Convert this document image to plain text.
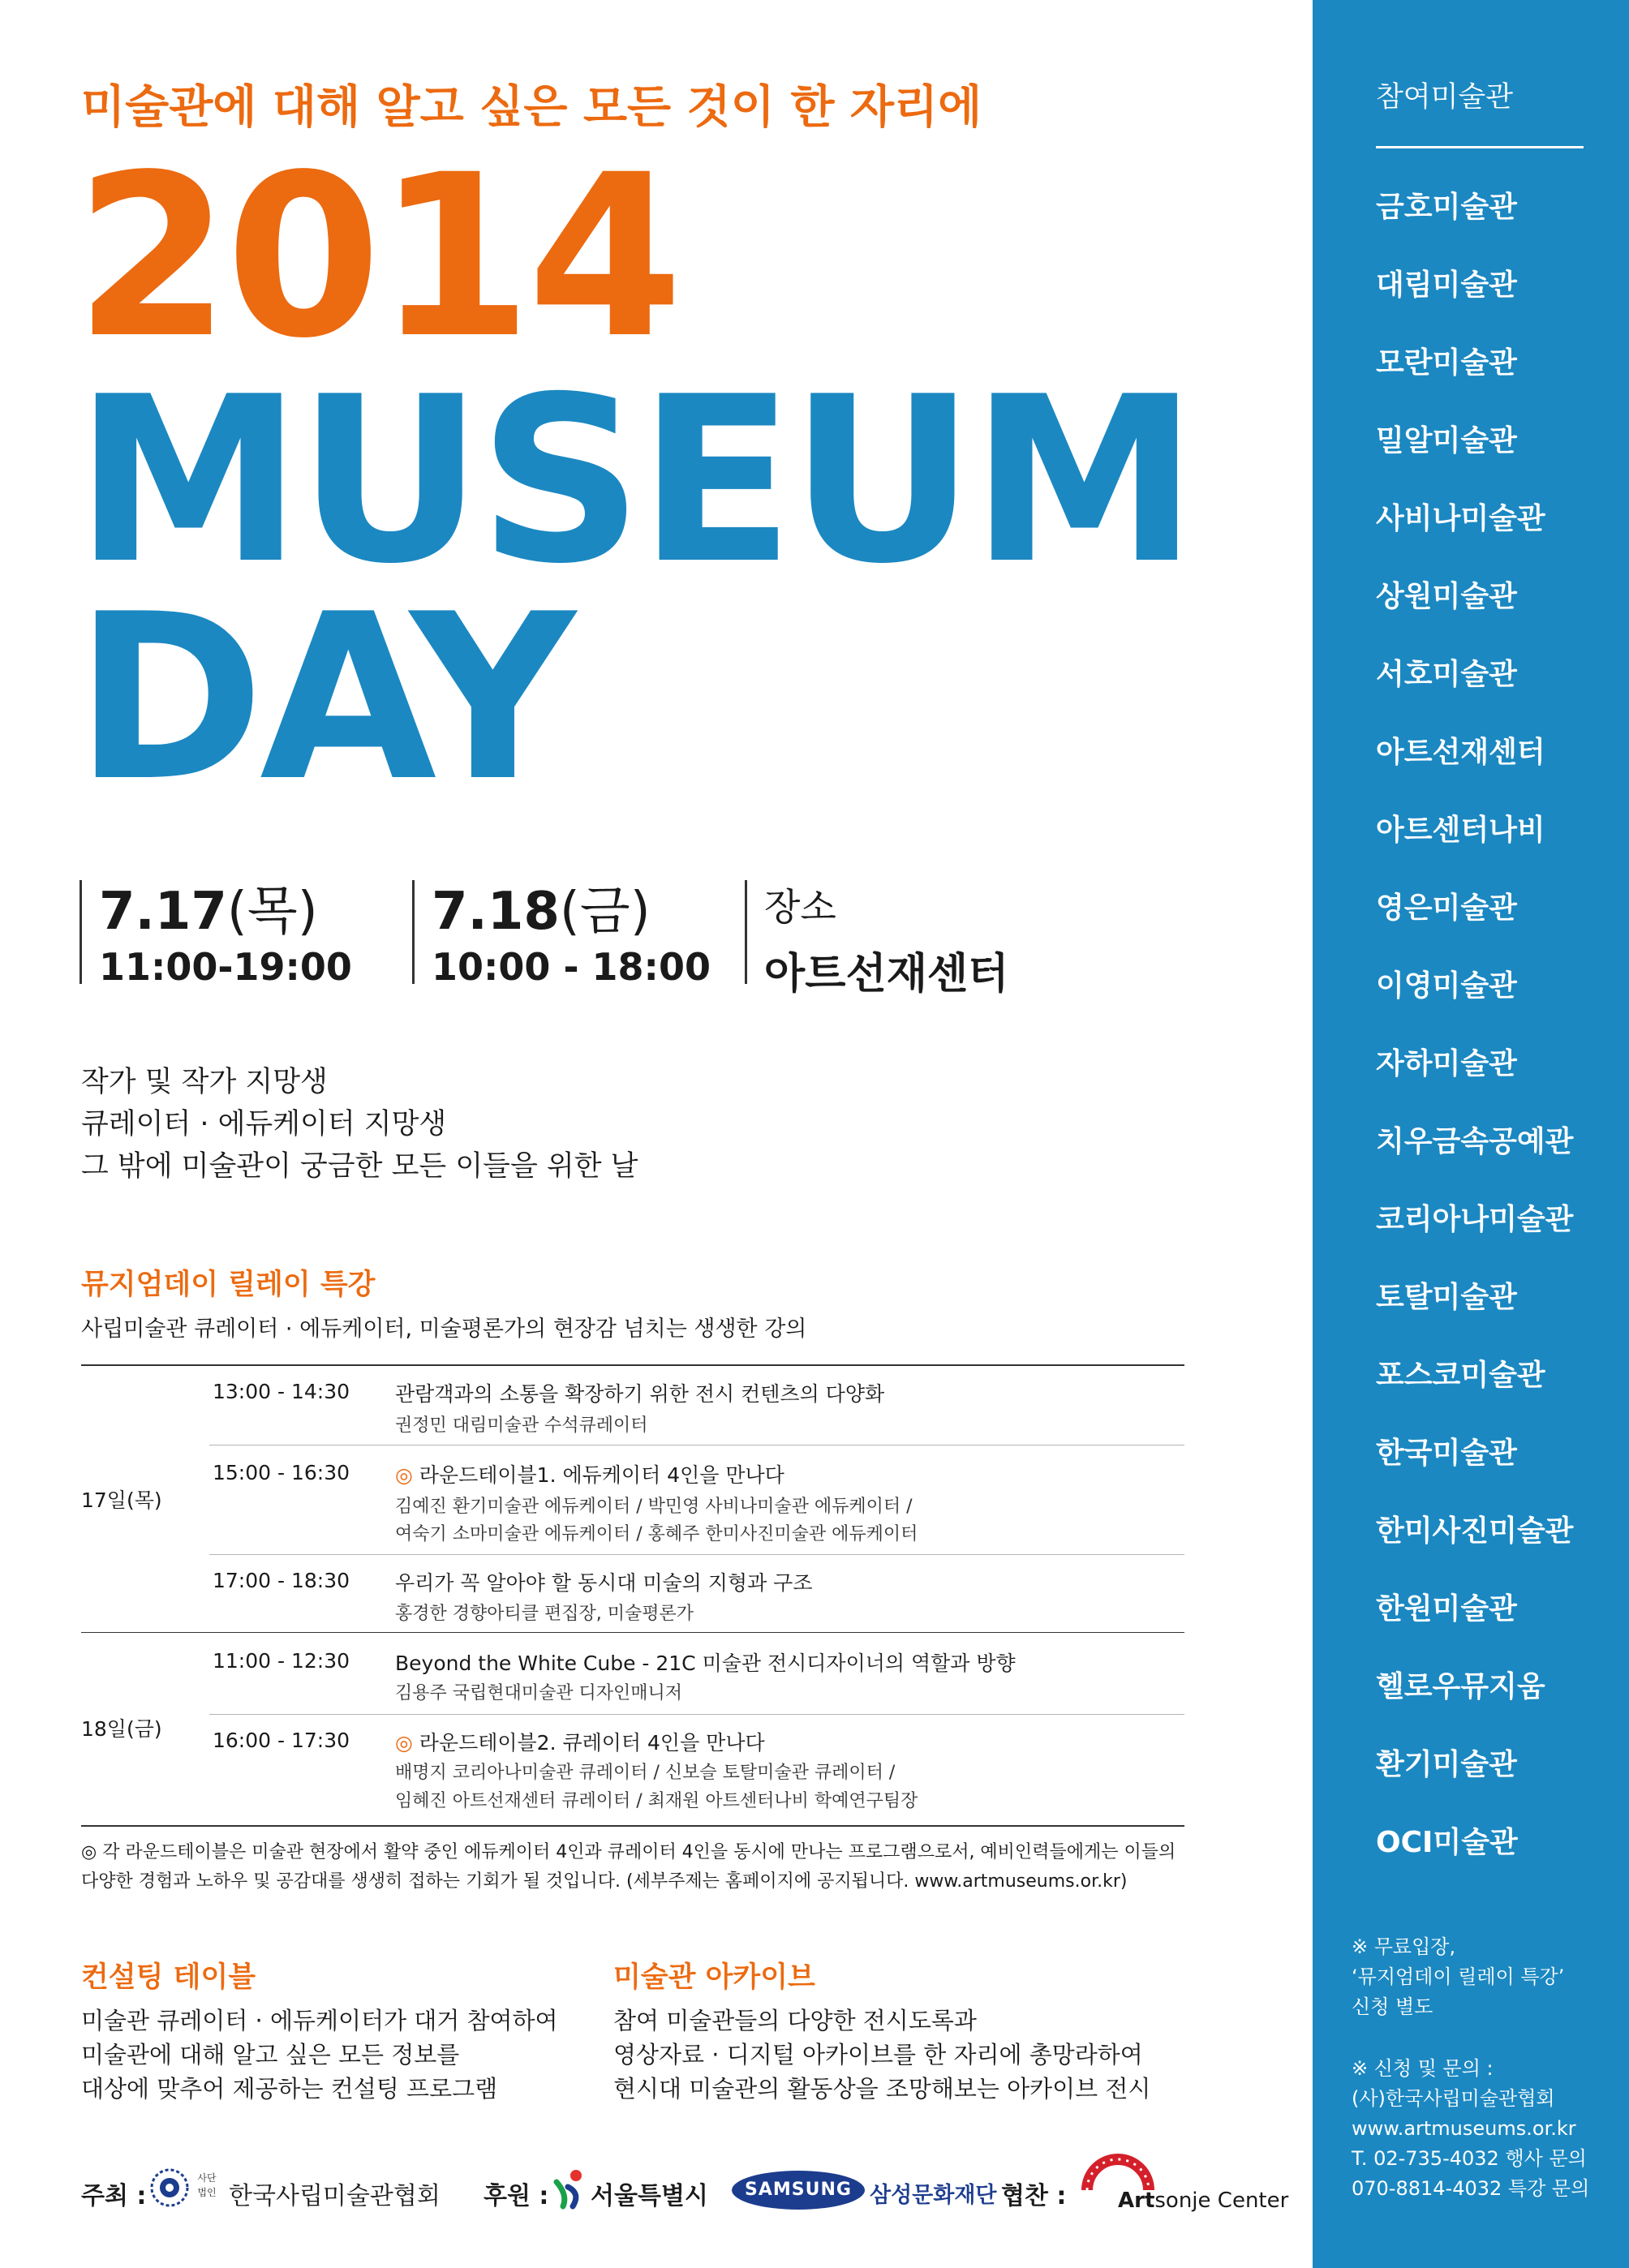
미술관에 대해 알고 싶은 모든 것이 한 자리에
2014
MUSEUM
DAY
7.17(목)
11:00-19:00
7.18(금)
10:00 - 18:00
장소
아트선재센터
작가 및 작가 지망생
큐레이터 · 에듀케이터 지망생
그 밖에 미술관이 궁금한 모든 이들을 위한 날
뮤지엄데이 릴레이 특강
사립미술관 큐레이터 · 에듀케이터, 미술평론가의 현장감 넘치는 생생한 강의
17일(목)
18일(금)
13:00 - 14:30 관람객과의 소통을 확장하기 위한 전시 컨텐츠의 다양화
권정민 대림미술관 수석큐레이터
15:00 - 16:30 ◎ 라운드테이블1. 에듀케이터 4인을 만나다
김예진 환기미술관 에듀케이터 / 박민영 사비나미술관 에듀케이터 /
여숙기 소마미술관 에듀케이터 / 홍혜주 한미사진미술관 에듀케이터
17:00 - 18:30 우리가 꼭 알아야 할 동시대 미술의 지형과 구조
홍경한 경향아티클 편집장, 미술평론가
11:00 - 12:30 Beyond the White Cube - 21C 미술관 전시디자이너의 역할과 방향
김용주 국립현대미술관 디자인매니저
16:00 - 17:30 ◎ 라운드테이블2. 큐레이터 4인을 만나다
배명지 코리아나미술관 큐레이터 / 신보슬 토탈미술관 큐레이터 /
임혜진 아트선재센터 큐레이터 / 최재원 아트센터나비 학예연구팀장
◎ 각 라운드테이블은 미술관 현장에서 활약 중인 에듀케이터 4인과 큐레이터 4인을 동시에 만나는 프로그램으로서, 예비인력들에게는 이들의
다양한 경험과 노하우 및 공감대를 생생히 접하는 기회가 될 것입니다. (세부주제는 홈페이지에 공지됩니다. www.artmuseums.or.kr)
컨설팅 테이블
미술관 큐레이터 · 에듀케이터가 대거 참여하여
미술관에 대해 알고 싶은 모든 정보를
대상에 맞추어 제공하는 컨설팅 프로그램
미술관 아카이브
참여 미술관들의 다양한 전시도록과
영상자료 · 디지털 아카이브를 한 자리에 총망라하여
현시대 미술관의 활동상을 조망해보는 아카이브 전시
주최 :
사단법인 한국사립미술관협회 후원 : 서울특별시	SAMSUNG 삼성문화재단 협찬 : Artsonje Center
참여미술관
금호미술관
대림미술관
모란미술관
밀알미술관
사비나미술관
상원미술관
서호미술관
아트선재센터
아트센터나비
영은미술관
이영미술관
자하미술관
치우금속공예관
코리아나미술관
토탈미술관
포스코미술관
한국미술관
한미사진미술관
한원미술관
헬로우뮤지움
환기미술관
OCI미술관
※ 무료입장,
‘뮤지엄데이 릴레이 특강’
신청 별도
※ 신청 및 문의 :
(사)한국사립미술관협회
www.artmuseums.or.kr
T. 02-735-4032 행사 문의
070-8814-4032 특강 문의
